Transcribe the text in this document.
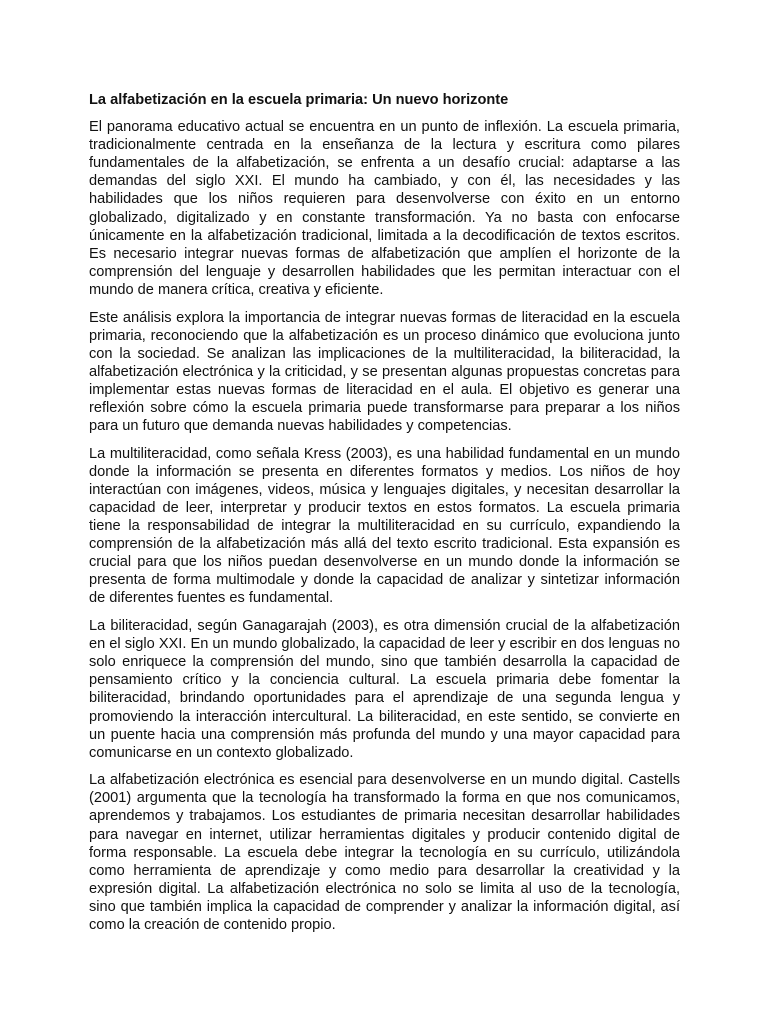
La alfabetización en la escuela primaria: Un nuevo horizonte

El panorama educativo actual se encuentra en un punto de inflexión. La escuela primaria, tradicionalmente centrada en la enseñanza de la lectura y escritura como pilares fundamentales de la alfabetización, se enfrenta a un desafío crucial: adaptarse a las demandas del siglo XXI. El mundo ha cambiado, y con él, las necesidades y las habilidades que los niños requieren para desenvolverse con éxito en un entorno globalizado, digitalizado y en constante transformación. Ya no basta con enfocarse únicamente en la alfabetización tradicional, limitada a la decodificación de textos escritos. Es necesario integrar nuevas formas de alfabetización que amplíen el horizonte de la comprensión del lenguaje y desarrollen habilidades que les permitan interactuar con el mundo de manera crítica, creativa y eficiente.

Este análisis explora la importancia de integrar nuevas formas de literacidad en la escuela primaria, reconociendo que la alfabetización es un proceso dinámico que evoluciona junto con la sociedad. Se analizan las implicaciones de la multiliteracidad, la biliteracidad, la alfabetización electrónica y la criticidad, y se presentan algunas propuestas concretas para implementar estas nuevas formas de literacidad en el aula. El objetivo es generar una reflexión sobre cómo la escuela primaria puede transformarse para preparar a los niños para un futuro que demanda nuevas habilidades y competencias.

La multiliteracidad, como señala Kress (2003), es una habilidad fundamental en un mundo donde la información se presenta en diferentes formatos y medios. Los niños de hoy interactúan con imágenes, videos, música y lenguajes digitales, y necesitan desarrollar la capacidad de leer, interpretar y producir textos en estos formatos. La escuela primaria tiene la responsabilidad de integrar la multiliteracidad en su currículo, expandiendo la comprensión de la alfabetización más allá del texto escrito tradicional. Esta expansión es crucial para que los niños puedan desenvolverse en un mundo donde la información se presenta de forma multimodale y donde la capacidad de analizar y sintetizar información de diferentes fuentes es fundamental.

La biliteracidad, según Ganagarajah (2003), es otra dimensión crucial de la alfabetización en el siglo XXI. En un mundo globalizado, la capacidad de leer y escribir en dos lenguas no solo enriquece la comprensión del mundo, sino que también desarrolla la capacidad de pensamiento crítico y la conciencia cultural. La escuela primaria debe fomentar la biliteracidad, brindando oportunidades para el aprendizaje de una segunda lengua y promoviendo la interacción intercultural. La biliteracidad, en este sentido, se convierte en un puente hacia una comprensión más profunda del mundo y una mayor capacidad para comunicarse en un contexto globalizado.

La alfabetización electrónica es esencial para desenvolverse en un mundo digital. Castells (2001) argumenta que la tecnología ha transformado la forma en que nos comunicamos, aprendemos y trabajamos. Los estudiantes de primaria necesitan desarrollar habilidades para navegar en internet, utilizar herramientas digitales y producir contenido digital de forma responsable. La escuela debe integrar la tecnología en su currículo, utilizándola como herramienta de aprendizaje y como medio para desarrollar la creatividad y la expresión digital. La alfabetización electrónica no solo se limita al uso de la tecnología, sino que también implica la capacidad de comprender y analizar la información digital, así como la creación de contenido propio.
